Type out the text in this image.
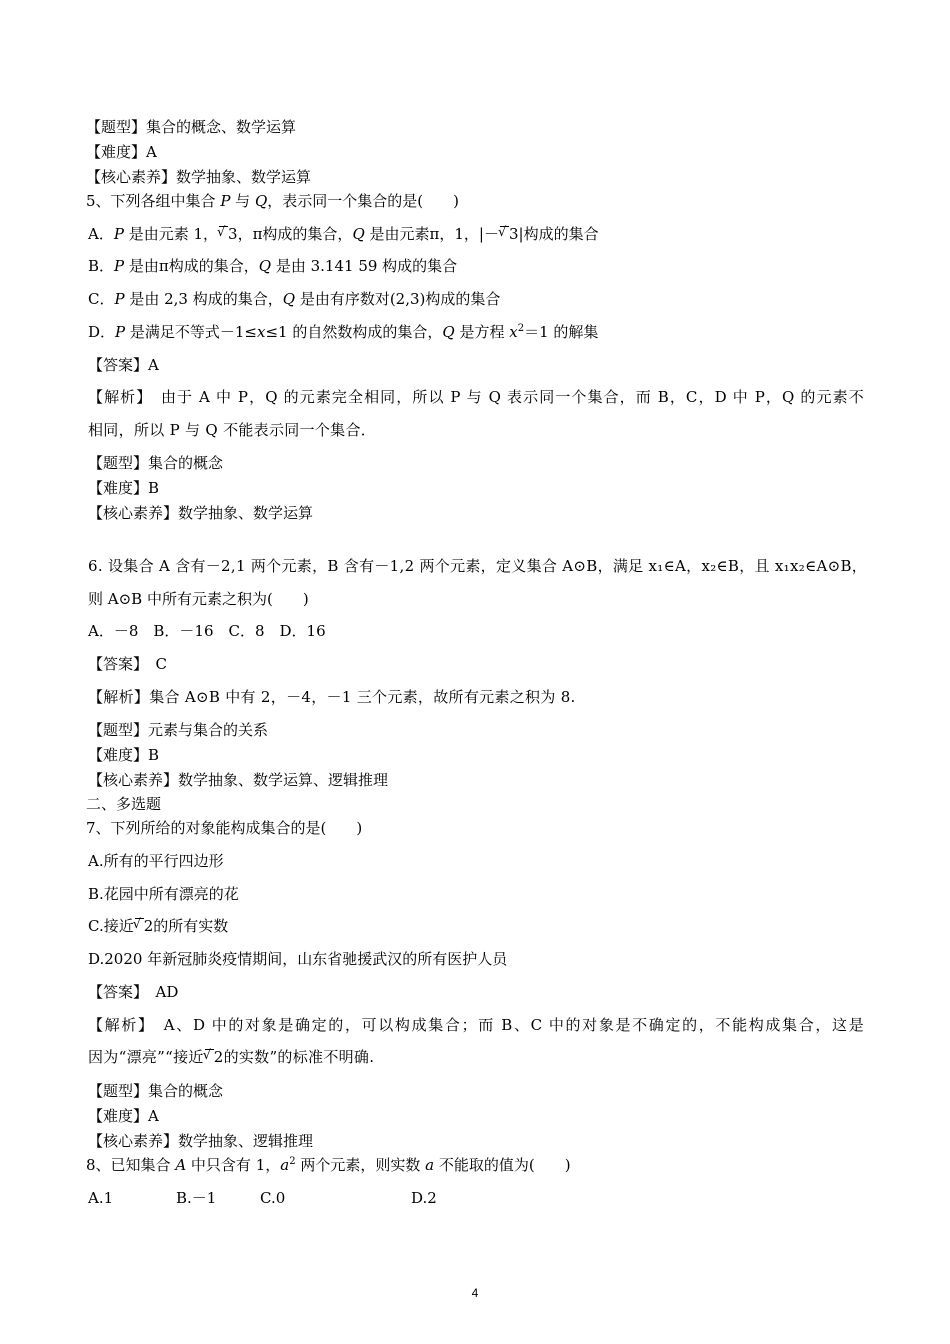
【题型】集合的概念、数学运算
【难度】A
【核心素养】数学抽象、数学运算
5、下列各组中集合 P 与 Q，表示同一个集合的是(　　)
A．P 是由元素 1， 3 √，π构成的集合，Q 是由元素π，1，|－ 3 √|构成的集合
B．P 是由π构成的集合，Q 是由 3.141 59 构成的集合
C．P 是由 2,3 构成的集合，Q 是由有序数对(2,3)构成的集合
D．P 是满足不等式－1≤x≤1 的自然数构成的集合，Q 是方程 $x^2=1$ 的解集
【答案】A
【解析】　由于 A 中 P，Q 的元素完全相同，所以 P 与 Q 表示同一个集合，而 B，C，D 中 P，Q 的元素不
相同，所以 P 与 Q 不能表示同一个集合．
【题型】集合的概念
【难度】B
【核心素养】数学抽象、数学运算
6. 设集合 A 含有－2,1 两个元素，B 含有－1,2 两个元素，定义集合 A⊙B，满足 x₁∈A，x₂∈B，且 x₁x₂∈A⊙B，
则 A⊙B 中所有元素之积为(　　)
A．－8　B．－16　C．8　D．16
【答案】　C
【解析】集合 A⊙B 中有 2，－4，－1 三个元素，故所有元素之积为 8.
【题型】元素与集合的关系
【难度】B
【核心素养】数学抽象、数学运算、逻辑推理
二、多选题
7、下列所给的对象能构成集合的是(　　)
A.所有的平行四边形
B.花园中所有漂亮的花
C.接近 2 √的所有实数
D.2020 年新冠肺炎疫情期间，山东省驰援武汉的所有医护人员
【答案】　AD
【解析】　A、D 中的对象是确定的，可以构成集合；而 B、C 中的对象是不确定的，不能构成集合，这是
因为“漂亮”“接近 2 √的实数”的标准不明确.
【题型】集合的概念
【难度】A
【核心素养】数学抽象、逻辑推理
8、已知集合 A 中只含有 1，$a^2$ 两个元素，则实数 a 不能取的值为(　　)
A.1	B.－1	C.0	D.2
4
